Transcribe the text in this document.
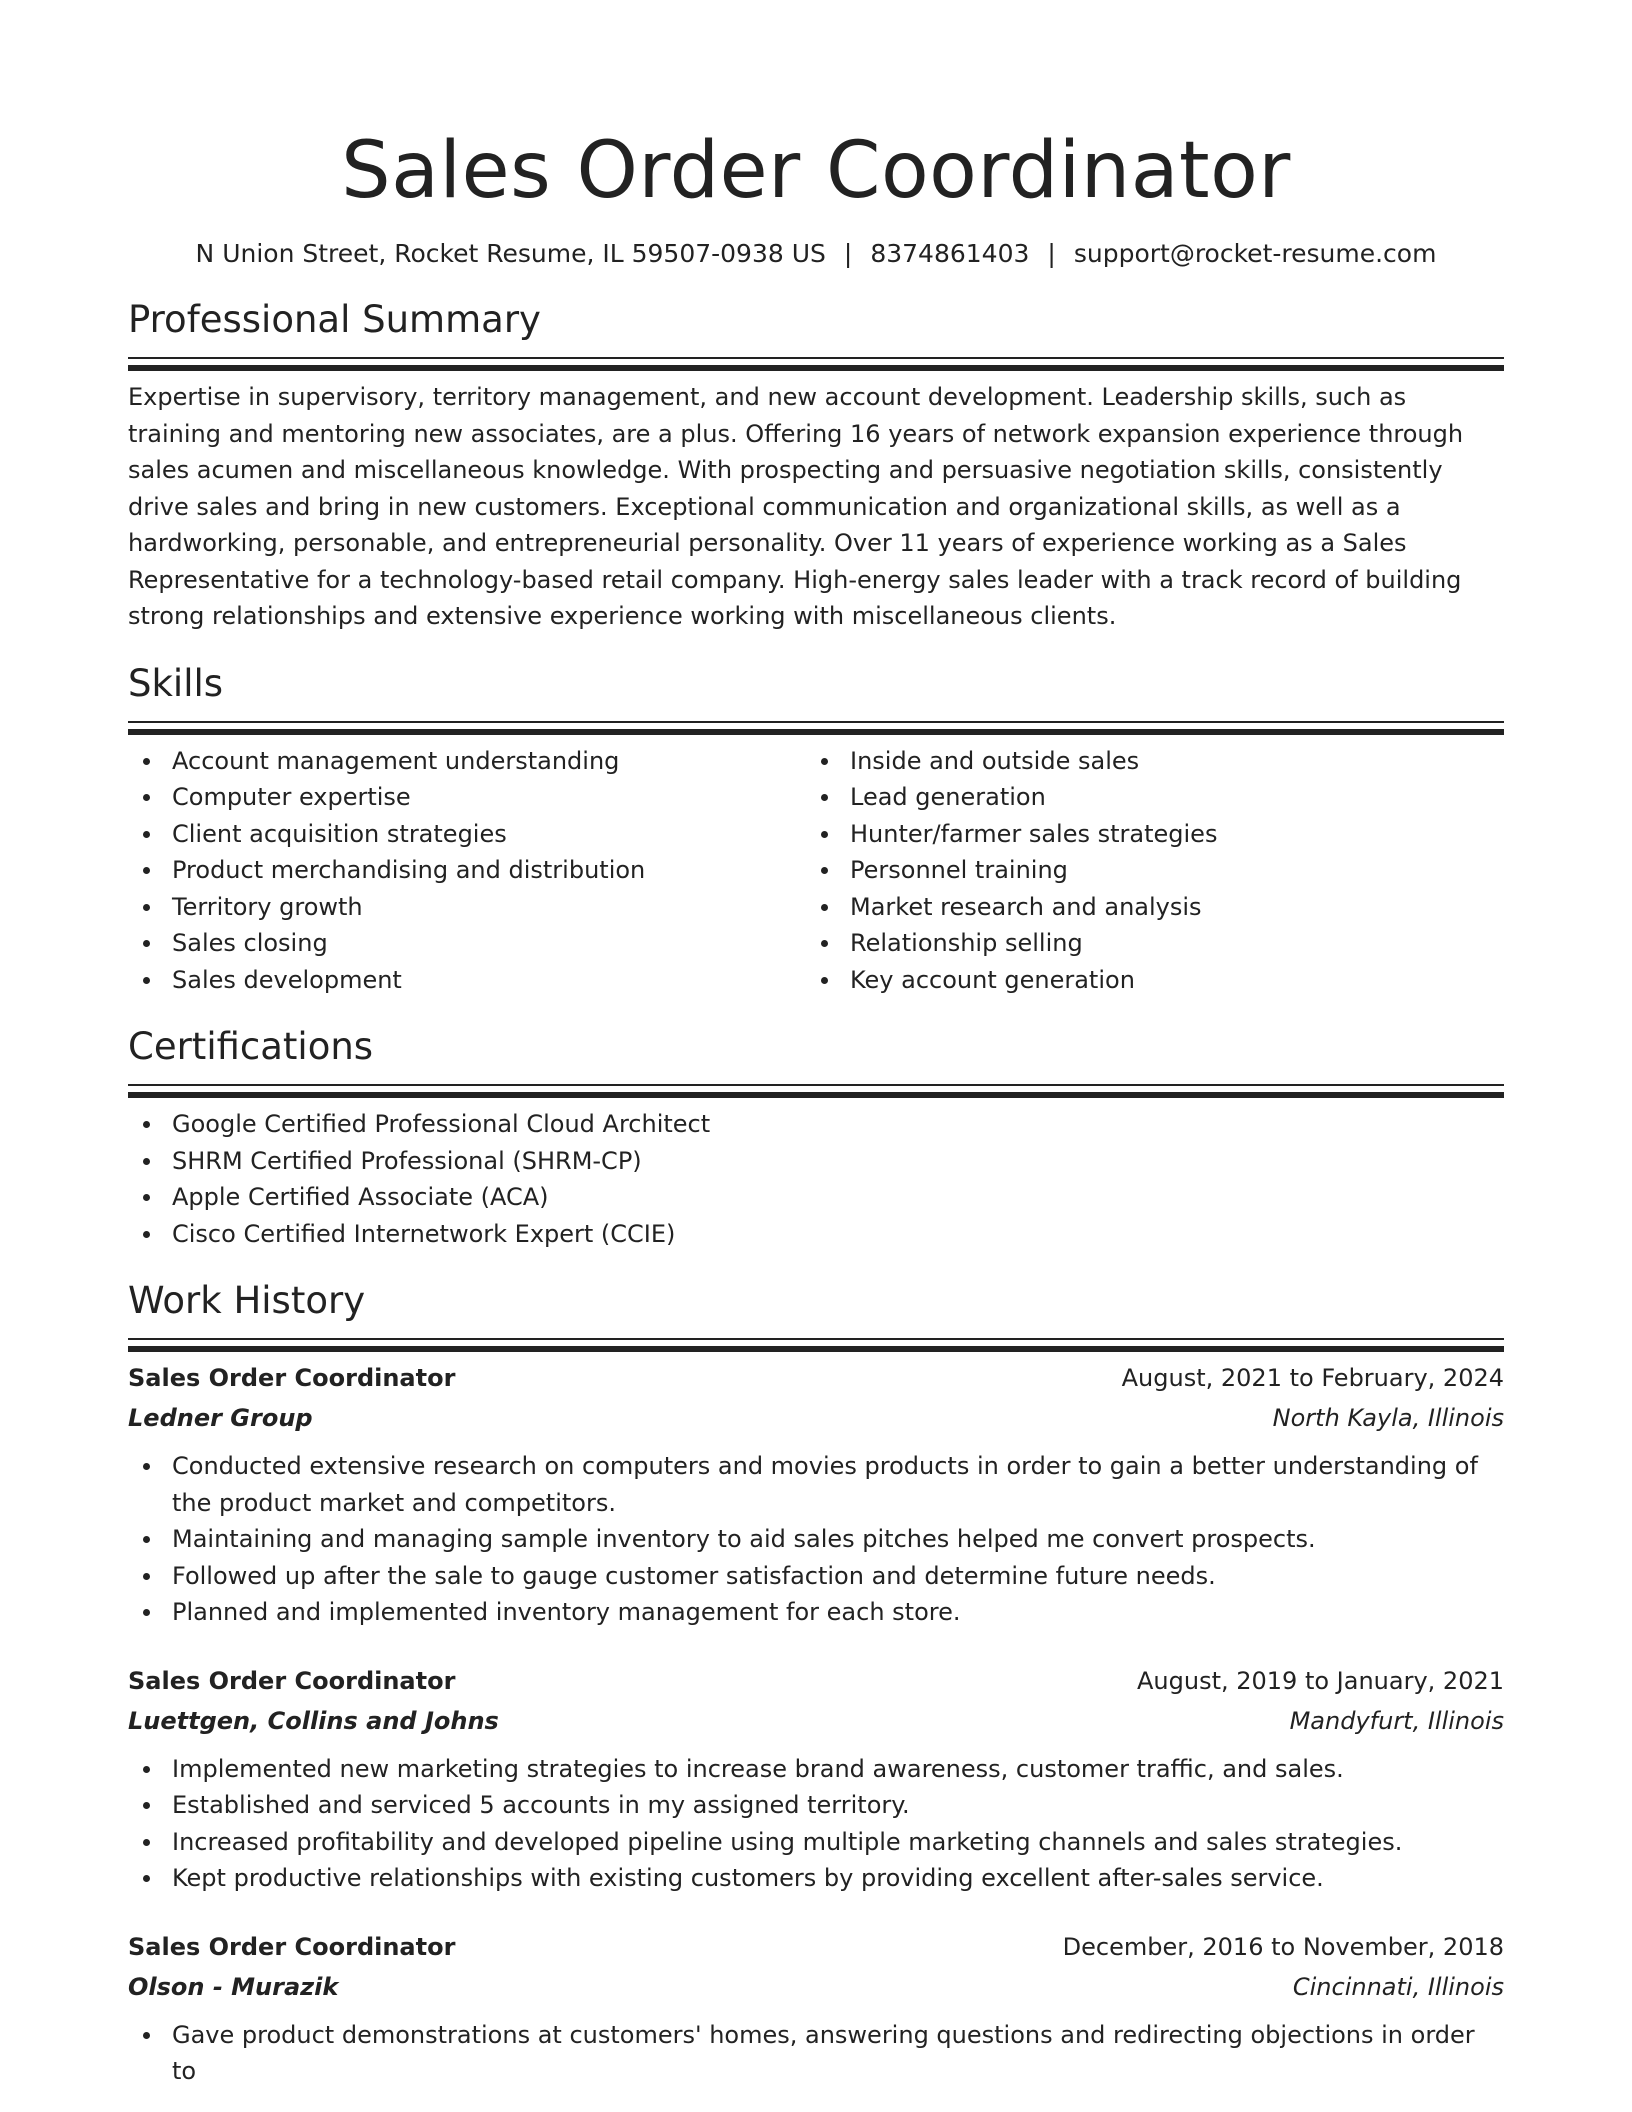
Sales Order Coordinator
N Union Street, Rocket Resume, IL 59507-0938 US | 8374861403 | support@rocket-resume.com
Professional Summary
Expertise in supervisory, territory management, and new account development. Leadership skills, such as training and mentoring new associates, are a plus. Offering 16 years of network expansion experience through sales acumen and miscellaneous knowledge. With prospecting and persuasive negotiation skills, consistently drive sales and bring in new customers. Exceptional communication and organizational skills, as well as a hardworking, personable, and entrepreneurial personality. Over 11 years of experience working as a Sales Representative for a technology-based retail company. High-energy sales leader with a track record of building strong relationships and extensive experience working with miscellaneous clients.
Skills
Account management understanding
Computer expertise
Client acquisition strategies
Product merchandising and distribution
Territory growth
Sales closing
Sales development
Inside and outside sales
Lead generation
Hunter/farmer sales strategies
Personnel training
Market research and analysis
Relationship selling
Key account generation
Certifications
Google Certified Professional Cloud Architect
SHRM Certified Professional (SHRM-CP)
Apple Certified Associate (ACA)
Cisco Certified Internetwork Expert (CCIE)
Work History
Sales Order Coordinator	August, 2021 to February, 2024
Ledner Group	North Kayla, Illinois
Conducted extensive research on computers and movies products in order to gain a better understanding of the product market and competitors.
Maintaining and managing sample inventory to aid sales pitches helped me convert prospects.
Followed up after the sale to gauge customer satisfaction and determine future needs.
Planned and implemented inventory management for each store.
Sales Order Coordinator	August, 2019 to January, 2021
Luettgen, Collins and Johns	Mandyfurt, Illinois
Implemented new marketing strategies to increase brand awareness, customer traffic, and sales.
Established and serviced 5 accounts in my assigned territory.
Increased profitability and developed pipeline using multiple marketing channels and sales strategies.
Kept productive relationships with existing customers by providing excellent after-sales service.
Sales Order Coordinator	December, 2016 to November, 2018
Olson - Murazik	Cincinnati, Illinois
Gave product demonstrations at customers' homes, answering questions and redirecting objections in order to
